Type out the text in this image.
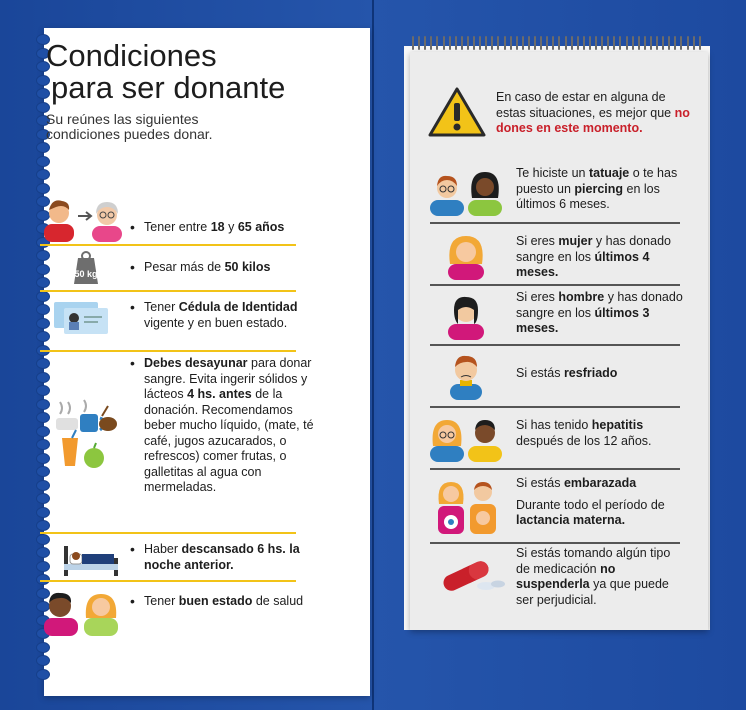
Condiciones
para ser donante
Su reúnes las siguientes
condiciones puedes donar.
• Tener entre 18 y 65 años
50 kg
•	Pesar más de 50 kilos
• Tener Cédula de Identidad vigente y en buen estado.
• Debes desayunar para donar sangre. Evita ingerir sólidos y lácteos 4 hs. antes de la donación. Recomendamos beber mucho líquido, (mate, té café, jugos azucarados, o refrescos) comer frutas, o galletitas al agua con mermeladas.
• Haber descansado 6 hs. la noche anterior.
• Tener buen estado de salud
En caso de estar en alguna de estas situaciones, es mejor que no dones en este momento.
Te hiciste un tatuaje o te has puesto un piercing en los últimos 6 meses.
Si eres mujer y has donado sangre en los últimos 4 meses.
Si eres hombre y has donado sangre en los últimos 3 meses.
Si estás resfriado
Si has tenido hepatitis después de los 12 años.
Si estás embarazada
Durante todo el período de lactancia materna.
Si estás tomando algún tipo de medicación no suspenderla ya que puede ser perjudicial.
